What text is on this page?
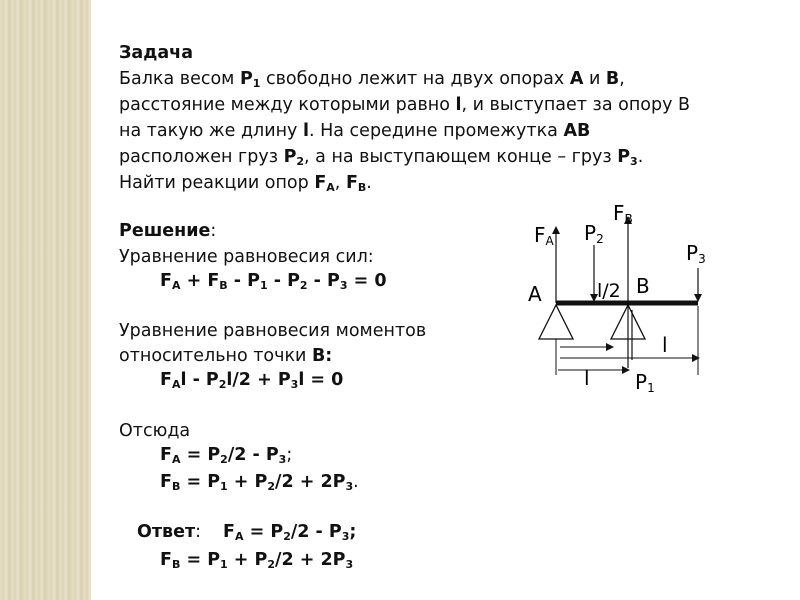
Задача
Балка весом $P_1$ свободно лежит на двух опорах A и B,
расстояние между которыми равно l, и выступает за опору В
на такую же длину l. На середине промежутка AB
расположен груз $P_2$, а на выступающем конце – груз $P_3$.
Найти реакции опор $F_A$, $F_B$.
Решение:
Уравнение равновесия сил:
$F_A + F_B - P_1 - P_2 - P_3 = 0$
Уравнение равновесия моментов
относительно точки B:
$F_Al - P_2l/2 + P_3l = 0$
Отсюда
$F_A = P_2/2 - P_3$;
$F_B = P_1 + P_2/2 + 2P_3$.
Ответ: $F_A = P_2/2 - P_3$;
$F_B = P_1 + P_2/2 + 2P_3$
FA
FB
P2
P3
P1
A	B
l/2
l
l
